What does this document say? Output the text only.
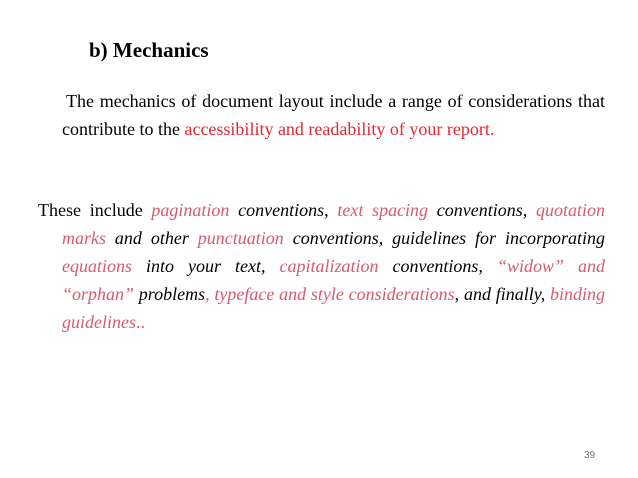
b) Mechanics

The mechanics of document layout include a range of considerations that contribute to the accessibility and readability of your report.

These include pagination conventions, text spacing conventions, quotation marks and other punctuation conventions, guidelines for incorporating equations into your text, capitalization conventions, “widow” and “orphan” problems, typeface and style considerations, and finally, binding guidelines..

39
